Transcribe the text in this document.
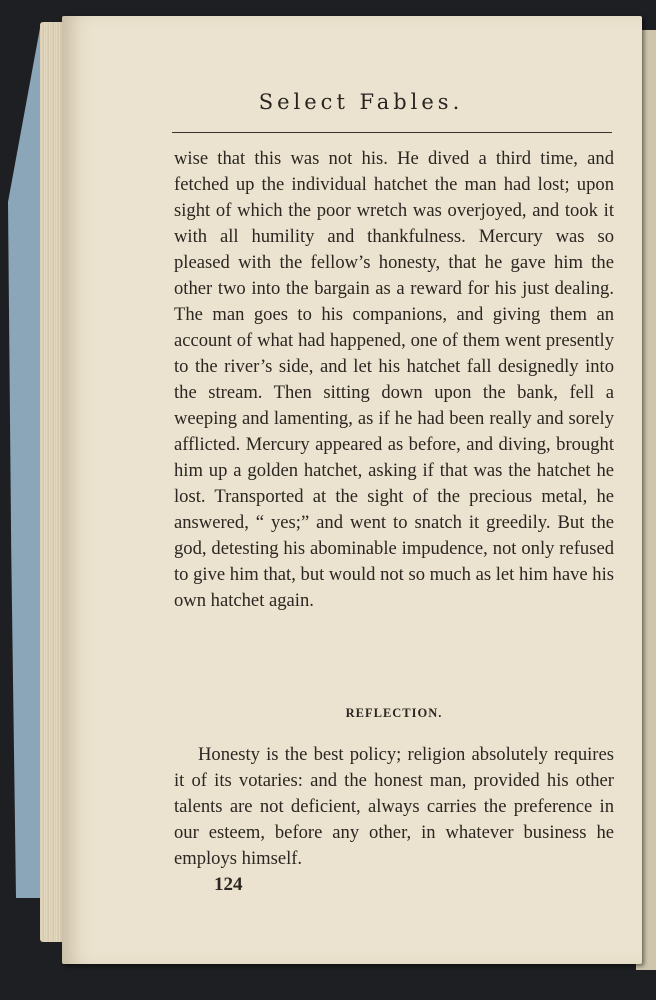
Select Fables.

wise that this was not his. He dived a third time, and fetched up the individual hatchet the man had lost; upon sight of which the poor wretch was overjoyed, and took it with all humility and thankfulness. Mercury was so pleased with the fellow’s honesty, that he gave him the other two into the bargain as a reward for his just dealing. The man goes to his companions, and giving them an account of what had happened, one of them went presently to the river’s side, and let his hatchet fall designedly into the stream. Then sitting down upon the bank, fell a weeping and lamenting, as if he had been really and sorely afflicted. Mercury appeared as before, and diving, brought him up a golden hatchet, asking if that was the hatchet he lost. Transported at the sight of the precious metal, he answered, “ yes;” and went to snatch it greedily. But the god, detesting his abominable impudence, not only refused to give him that, but would not so much as let him have his own hatchet again.

REFLECTION.

Honesty is the best policy; religion absolutely requires it of its votaries: and the honest man, provided his other talents are not deficient, always carries the preference in our esteem, before any other, in whatever business he employs himself.

124
